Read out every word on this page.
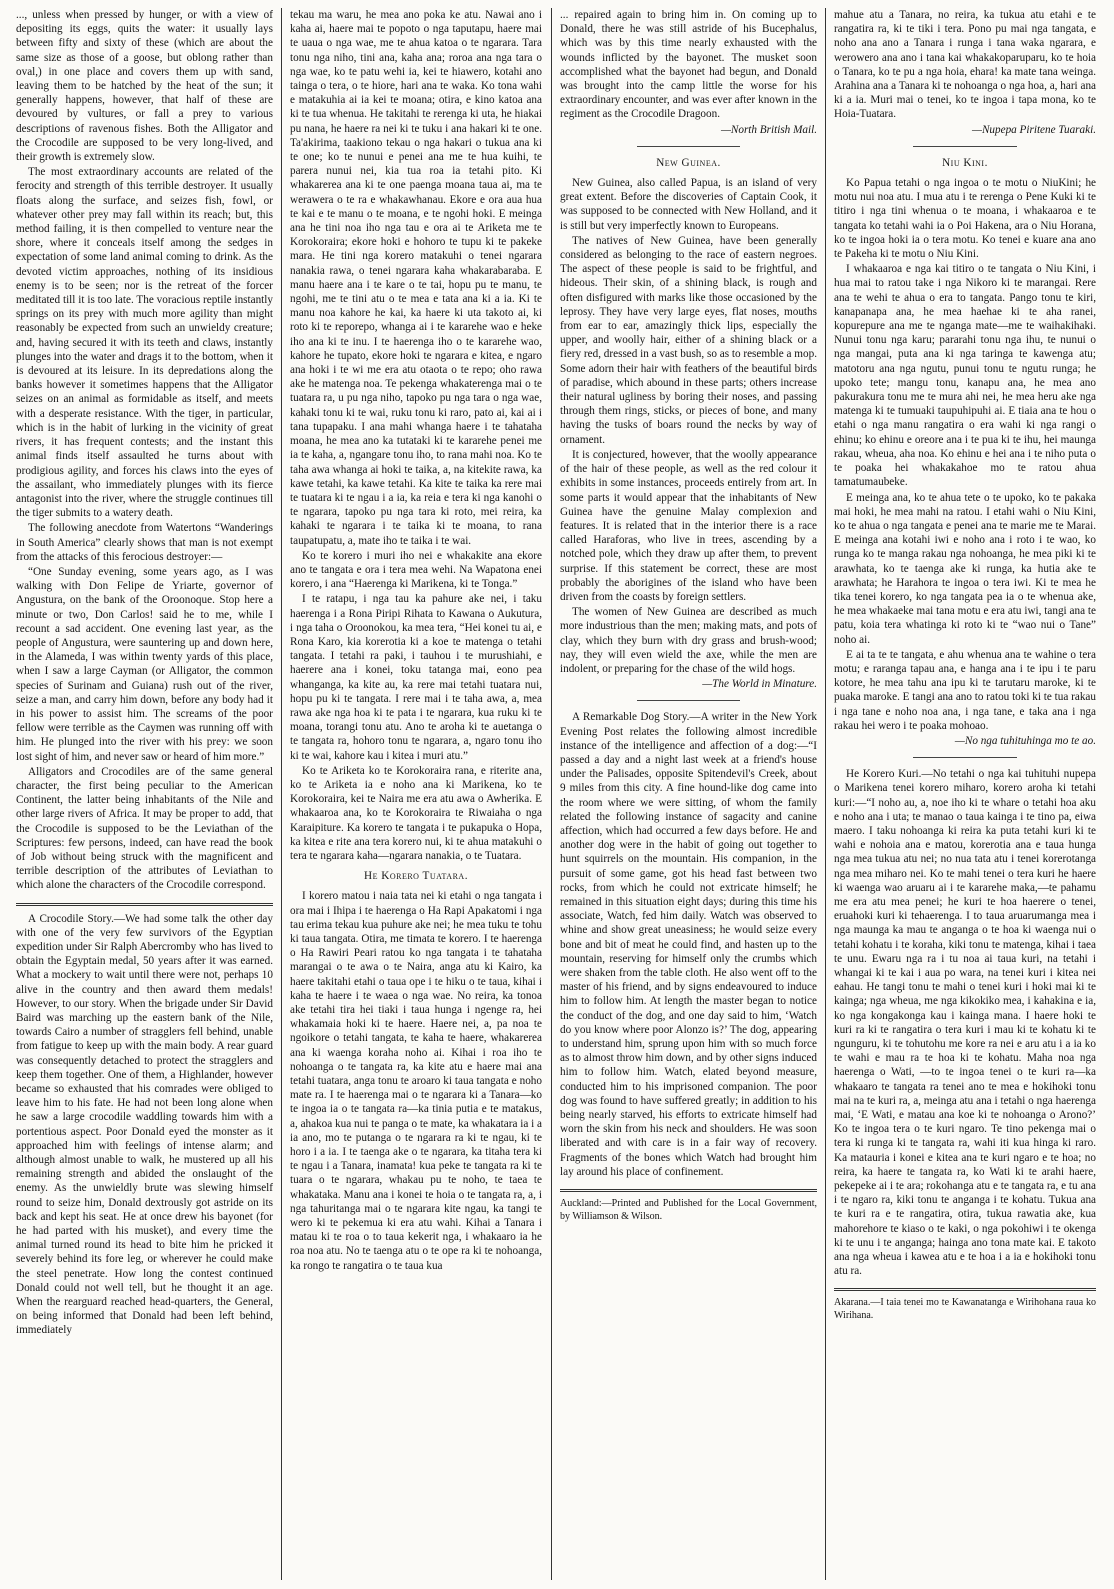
..., unless when pressed by hunger, or with a view of depositing its eggs, quits the water: it usually lays between fifty and sixty of these (which are about the same size as those of a goose, but oblong rather than oval,) in one place and covers them up with sand, leaving them to be hatched by the heat of the sun; it generally happens, however, that half of these are devoured by vultures, or fall a prey to various descriptions of ravenous fishes. Both the Alligator and the Crocodile are supposed to be very long-lived, and their growth is extremely slow.

The most extraordinary accounts are related of the ferocity and strength of this terrible destroyer. It usually floats along the surface, and seizes fish, fowl, or whatever other prey may fall within its reach; but, this method failing, it is then compelled to venture near the shore, where it conceals itself among the sedges in expectation of some land animal coming to drink. As the devoted victim approaches, nothing of its insidious enemy is to be seen; nor is the retreat of the forcer meditated till it is too late. The voracious reptile instantly springs on its prey with much more agility than might reasonably be expected from such an unwieldy creature; and, having secured it with its teeth and claws, instantly plunges into the water and drags it to the bottom, when it is devoured at its leisure. In its depredations along the banks however it sometimes happens that the Alligator seizes on an animal as formidable as itself, and meets with a desperate resistance. With the tiger, in particular, which is in the habit of lurking in the vicinity of great rivers, it has frequent contests; and the instant this animal finds itself assaulted he turns about with prodigious agility, and forces his claws into the eyes of the assailant, who immediately plunges with its fierce antagonist into the river, where the struggle continues till the tiger submits to a watery death.

The following anecdote from Watertons “Wanderings in South America” clearly shows that man is not exempt from the attacks of this ferocious destroyer:—

“One Sunday evening, some years ago, as I was walking with Don Felipe de Yriarte, governor of Angustura, on the bank of the Oroonoque. Stop here a minute or two, Don Carlos! said he to me, while I recount a sad accident. One evening last year, as the people of Angustura, were sauntering up and down here, in the Alameda, I was within twenty yards of this place, when I saw a large Cayman (or Alligator, the common species of Surinam and Guiana) rush out of the river, seize a man, and carry him down, before any body had it in his power to assist him. The screams of the poor fellow were terrible as the Caymen was running off with him. He plunged into the river with his prey: we soon lost sight of him, and never saw or heard of him more.”

Alligators and Crocodiles are of the same general character, the first being peculiar to the American Continent, the latter being inhabitants of the Nile and other large rivers of Africa. It may be proper to add, that the Crocodile is supposed to be the Leviathan of the Scriptures: few persons, indeed, can have read the book of Job without being struck with the magnificent and terrible description of the attributes of Leviathan to which alone the characters of the Crocodile correspond.

A Crocodile Story.—We had some talk the other day with one of the very few survivors of the Egyptian expedition under Sir Ralph Abercromby who has lived to obtain the Egyptain medal, 50 years after it was earned. What a mockery to wait until there were not, perhaps 10 alive in the country and then award them medals! However, to our story. When the brigade under Sir David Baird was marching up the eastern bank of the Nile, towards Cairo a number of stragglers fell behind, unable from fatigue to keep up with the main body. A rear guard was consequently detached to protect the stragglers and keep them together. One of them, a Highlander, however became so exhausted that his comrades were obliged to leave him to his fate. He had not been long alone when he saw a large crocodile waddling towards him with a portentious aspect. Poor Donald eyed the monster as it approached him with feelings of intense alarm; and although almost unable to walk, he mustered up all his remaining strength and abided the onslaught of the enemy. As the unwieldly brute was slewing himself round to seize him, Donald dextrously got astride on its back and kept his seat. He at once drew his bayonet (for he had parted with his musket), and every time the animal turned round its head to bite him he pricked it severely behind its fore leg, or wherever he could make the steel penetrate. How long the contest continued Donald could not well tell, but he thought it an age. When the rearguard reached head-quarters, the General, on being informed that Donald had been left behind, immediately

tekau ma waru, he mea ano poka ke atu. Nawai ano i kaha ai, haere mai te popoto o nga taputapu, haere mai te uaua o nga wae, me te ahua katoa o te ngarara. Tara tonu nga niho, tini ana, kaha ana; roroa ana nga tara o nga wae, ko te patu wehi ia, kei te hiawero, kotahi ano tainga o tera, o te hiore, hari ana te waka. Ko tona wahi e matakuhia ai ia kei te moana; otira, e kino katoa ana ki te tua whenua. He takitahi te rerenga ki uta, he hiakai pu nana, he haere ra nei ki te tuku i ana hakari ki te one. Ta'akirima, taakiono tekau o nga hakari o tukua ana ki te one; ko te nunui e penei ana me te hua kuihi, te parera nunui nei, kia tua roa ia tetahi pito. Ki whakarerea ana ki te one paenga moana taua ai, ma te werawera o te ra e whakawhanau. Ekore e ora aua hua te kai e te manu o te moana, e te ngohi hoki. E meinga ana he tini noa iho nga tau e ora ai te Ariketa me te Korokoraira; ekore hoki e hohoro te tupu ki te pakeke mara. He tini nga korero matakuhi o tenei ngarara nanakia rawa, o tenei ngarara kaha whakarabaraba. E manu haere ana i te kare o te tai, hopu pu te manu, te ngohi, me te tini atu o te mea e tata ana ki a ia. Ki te manu noa kahore he kai, ka haere ki uta takoto ai, ki roto ki te reporepo, whanga ai i te kararehe wao e heke iho ana ki te inu. I te haerenga iho o te kararehe wao, kahore he tupato, ekore hoki te ngarara e kitea, e ngaro ana hoki i te wi me era atu otaota o te repo; oho rawa ake he matenga noa. Te pekenga whakaterenga mai o te tuatara ra, u pu nga niho, tapoko pu nga tara o nga wae, kahaki tonu ki te wai, ruku tonu ki raro, pato ai, kai ai i tana tupapaku. I ana mahi whanga haere i te tahataha moana, he mea ano ka tutataki ki te kararehe penei me ia te kaha, a, ngangare tonu iho, to rana mahi noa. Ko te taha awa whanga ai hoki te taika, a, na kitekite rawa, ka kawe tetahi, ka kawe tetahi. Ka kite te taika ka rere mai te tuatara ki te ngau i a ia, ka reia e tera ki nga kanohi o te ngarara, tapoko pu nga tara ki roto, mei reira, ka kahaki te ngarara i te taika ki te moana, to rana taupatupatu, a, mate iho te taika i te wai.

Ko te korero i muri iho nei e whakakite ana ekore ano te tangata e ora i tera mea wehi. Na Wapatona enei korero, i ana “Haerenga ki Marikena, ki te Tonga.”

I te ratapu, i nga tau ka pahure ake nei, i taku haerenga i a Rona Piripi Rihata to Kawana o Aukutura, i nga taha o Oroonokou, ka mea tera, “Hei konei tu ai, e Rona Karo, kia korerotia ki a koe te matenga o tetahi tangata. I tetahi ra paki, i tauhou i te murushiahi, e haerere ana i konei, toku tatanga mai, eono pea whanganga, ka kite au, ka rere mai tetahi tuatara nui, hopu pu ki te tangata. I rere mai i te taha awa, a, mea rawa ake nga hoa ki te pata i te ngarara, kua ruku ki te moana, torangi tonu atu. Ano te aroha ki te auetanga o te tangata ra, hohoro tonu te ngarara, a, ngaro tonu iho ki te wai, kahore kau i kitea i muri atu.”

Ko te Ariketa ko te Korokoraira rana, e riterite ana, ko te Ariketa ia e noho ana ki Marikena, ko te Korokoraira, kei te Naira me era atu awa o Awherika. E whakaaroa ana, ko te Korokoraira te Riwaiaha o nga Karaipiture. Ka korero te tangata i te pukapuka o Hopa, ka kitea e rite ana tera korero nui, ki te ahua matakuhi o tera te ngarara kaha—ngarara nanakia, o te Tuatara.

He Korero Tuatara.

I korero matou i naia tata nei ki etahi o nga tangata i ora mai i Ihipa i te haerenga o Ha Rapi Apakatomi i nga tau erima tekau kua puhure ake nei; he mea tuku te tohu ki taua tangata. Otira, me timata te korero. I te haerenga o Ha Rawiri Peari ratou ko nga tangata i te tahataha marangai o te awa o te Naira, anga atu ki Kairo, ka haere takitahi etahi o taua ope i te hiku o te taua, kihai i kaha te haere i te waea o nga wae. No reira, ka tonoa ake tetahi tira hei tiaki i taua hunga i ngenge ra, hei whakamaia hoki ki te haere. Haere nei, a, pa noa te ngoikore o tetahi tangata, te kaha te haere, whakarerea ana ki waenga koraha noho ai. Kihai i roa iho te nohoanga o te tangata ra, ka kite atu e haere mai ana tetahi tuatara, anga tonu te aroaro ki taua tangata e noho mate ra. I te haerenga mai o te ngarara ki a Tanara—ko te ingoa ia o te tangata ra—ka tinia putia e te matakus, a, ahakoa kua nui te panga o te mate, ka whakatara ia i a ia ano, mo te putanga o te ngarara ra ki te ngau, ki te horo i a ia. I te taenga ake o te ngarara, ka titaha tera ki te ngau i a Tanara, inamata! kua peke te tangata ra ki te tuara o te ngarara, whakau pu te noho, te taea te whakataka. Manu ana i konei te hoia o te tangata ra, a, i nga tahuritanga mai o te ngarara kite ngau, ka tangi te wero ki te pekemua ki era atu wahi. Kihai a Tanara i matau ki te roa o to taua kekerit nga, i whakaaro ia he roa noa atu. No te taenga atu o te ope ra ki te nohoanga, ka rongo te rangatira o te taua kua

... repaired again to bring him in. On coming up to Donald, there he was still astride of his Bucephalus, which was by this time nearly exhausted with the wounds inflicted by the bayonet. The musket soon accomplished what the bayonet had begun, and Donald was brought into the camp little the worse for his extraordinary encounter, and was ever after known in the regiment as the Crocodile Dragoon.

—North British Mail.

New Guinea.

New Guinea, also called Papua, is an island of very great extent. Before the discoveries of Captain Cook, it was supposed to be connected with New Holland, and it is still but very imperfectly known to Europeans.

The natives of New Guinea, have been generally considered as belonging to the race of eastern negroes. The aspect of these people is said to be frightful, and hideous. Their skin, of a shining black, is rough and often disfigured with marks like those occasioned by the leprosy. They have very large eyes, flat noses, mouths from ear to ear, amazingly thick lips, especially the upper, and woolly hair, either of a shining black or a fiery red, dressed in a vast bush, so as to resemble a mop. Some adorn their hair with feathers of the beautiful birds of paradise, which abound in these parts; others increase their natural ugliness by boring their noses, and passing through them rings, sticks, or pieces of bone, and many having the tusks of boars round the necks by way of ornament.

It is conjectured, however, that the woolly appearance of the hair of these people, as well as the red colour it exhibits in some instances, proceeds entirely from art. In some parts it would appear that the inhabitants of New Guinea have the genuine Malay complexion and features. It is related that in the interior there is a race called Haraforas, who live in trees, ascending by a notched pole, which they draw up after them, to prevent surprise. If this statement be correct, these are most probably the aborigines of the island who have been driven from the coasts by foreign settlers.

The women of New Guinea are described as much more industrious than the men; making mats, and pots of clay, which they burn with dry grass and brush-wood; nay, they will even wield the axe, while the men are indolent, or preparing for the chase of the wild hogs.

—The World in Minature.

A Remarkable Dog Story.—A writer in the New York Evening Post relates the following almost incredible instance of the intelligence and affection of a dog:—“I passed a day and a night last week at a friend's house under the Palisades, opposite Spitendevil's Creek, about 9 miles from this city. A fine hound-like dog came into the room where we were sitting, of whom the family related the following instance of sagacity and canine affection, which had occurred a few days before. He and another dog were in the habit of going out together to hunt squirrels on the mountain. His companion, in the pursuit of some game, got his head fast between two rocks, from which he could not extricate himself; he remained in this situation eight days; during this time his associate, Watch, fed him daily. Watch was observed to whine and show great uneasiness; he would seize every bone and bit of meat he could find, and hasten up to the mountain, reserving for himself only the crumbs which were shaken from the table cloth. He also went off to the master of his friend, and by signs endeavoured to induce him to follow him. At length the master began to notice the conduct of the dog, and one day said to him, ‘Watch do you know where poor Alonzo is?’ The dog, appearing to understand him, sprung upon him with so much force as to almost throw him down, and by other signs induced him to follow him. Watch, elated beyond measure, conducted him to his imprisoned companion. The poor dog was found to have suffered greatly; in addition to his being nearly starved, his efforts to extricate himself had worn the skin from his neck and shoulders. He was soon liberated and with care is in a fair way of recovery. Fragments of the bones which Watch had brought him lay around his place of confinement.

Auckland:—Printed and Published for the Local Government, by Williamson & Wilson.

mahue atu a Tanara, no reira, ka tukua atu etahi e te rangatira ra, ki te tiki i tera. Pono pu mai nga tangata, e noho ana ano a Tanara i runga i tana waka ngarara, e werowero ana ano i tana kai whakakoparuparu, ko te hoia o Tanara, ko te pu a nga hoia, ehara! ka mate tana weinga. Arahina ana a Tanara ki te nohoanga o nga hoa, a, hari ana ki a ia. Muri mai o tenei, ko te ingoa i tapa mona, ko te Hoia-Tuatara.

—Nupepa Piritene Tuaraki.

Niu Kini.

Ko Papua tetahi o nga ingoa o te motu o NiuKini; he motu nui noa atu. I mua atu i te rerenga o Pene Kuki ki te titiro i nga tini whenua o te moana, i whakaaroa e te tangata ko tetahi wahi ia o Poi Hakena, ara o Niu Horana, ko te ingoa hoki ia o tera motu. Ko tenei e kuare ana ano te Pakeha ki te motu o Niu Kini.

I whakaaroa e nga kai titiro o te tangata o Niu Kini, i hua mai to ratou take i nga Nikoro ki te marangai. Rere ana te wehi te ahua o era to tangata. Pango tonu te kiri, kanapanapa ana, he mea haehae ki te aha ranei, kopurepure ana me te nganga mate—me te waihakihaki. Nunui tonu nga karu; pararahi tonu nga ihu, te nunui o nga mangai, puta ana ki nga taringa te kawenga atu; matotoru ana nga ngutu, punui tonu te ngutu runga; he upoko tete; mangu tonu, kanapu ana, he mea ano pakurakura tonu me te mura ahi nei, he mea heru ake nga matenga ki te tumuaki taupuhipuhi ai. E tiaia ana te hou o etahi o nga manu rangatira o era wahi ki nga rangi o ehinu; ko ehinu e oreore ana i te pua ki te ihu, hei maunga rakau, wheua, aha noa. Ko ehinu e hei ana i te niho puta o te poaka hei whakakahoe mo te ratou ahua tamatumaubeke.

E meinga ana, ko te ahua tete o te upoko, ko te pakaka mai hoki, he mea mahi na ratou. I etahi wahi o Niu Kini, ko te ahua o nga tangata e penei ana te marie me te Marai. E meinga ana kotahi iwi e noho ana i roto i te wao, ko runga ko te manga rakau nga nohoanga, he mea piki ki te arawhata, ko te taenga ake ki runga, ka hutia ake te arawhata; he Harahora te ingoa o tera iwi. Ki te mea he tika tenei korero, ko nga tangata pea ia o te whenua ake, he mea whakaeke mai tana motu e era atu iwi, tangi ana te patu, koia tera whatinga ki roto ki te “wao nui o Tane” noho ai.

E ai ta te te tangata, e ahu whenua ana te wahine o tera motu; e raranga tapau ana, e hanga ana i te ipu i te paru kotore, he mea tahu ana ipu ki te tarutaru maroke, ki te puaka maroke. E tangi ana ano to ratou toki ki te tua rakau i nga tane e noho noa ana, i nga tane, e taka ana i nga rakau hei wero i te poaka mohoao.

—No nga tuhituhinga mo te ao.

He Korero Kuri.—No tetahi o nga kai tuhituhi nupepa o Marikena tenei korero miharo, korero aroha ki tetahi kuri:—“I noho au, a, noe iho ki te whare o tetahi hoa aku e noho ana i uta; te manao o taua kainga i te tino pa, eiwa maero. I taku nohoanga ki reira ka puta tetahi kuri ki te wahi e nohoia ana e matou, korerotia ana e taua hunga nga mea tukua atu nei; no nua tata atu i tenei korerotanga nga mea miharo nei. Ko te mahi tenei o tera kuri he haere ki waenga wao aruaru ai i te kararehe maka,—te pahamu me era atu mea penei; he kuri te hoa haerere o tenei, eruahoki kuri ki tehaerenga. I to taua aruarumanga mea i nga maunga ka mau te anganga o te hoa ki waenga nui o tetahi kohatu i te koraha, kiki tonu te matenga, kihai i taea te unu. Ewaru nga ra i tu noa ai taua kuri, na tetahi i whangai ki te kai i aua po wara, na tenei kuri i kitea nei eahau. He tangi tonu te mahi o tenei kuri i hoki mai ki te kainga; nga wheua, me nga kikokiko mea, i kahakina e ia, ko nga kongakonga kau i kainga mana. I haere hoki te kuri ra ki te rangatira o tera kuri i mau ki te kohatu ki te ngunguru, ki te tohutohu me kore ra nei e aru atu i a ia ko te wahi e mau ra te hoa ki te kohatu. Maha noa nga haerenga o Wati, —to te ingoa tenei o te kuri ra—ka whakaaro te tangata ra tenei ano te mea e hokihoki tonu mai na te kuri ra, a, meinga atu ana i tetahi o nga haerenga mai, ‘E Wati, e matau ana koe ki te nohoanga o Arono?’ Ko te ingoa tera o te kuri ngaro. Te tino pekenga mai o tera ki runga ki te tangata ra, wahi iti kua hinga ki raro. Ka matauria i konei e kitea ana te kuri ngaro e te hoa; no reira, ka haere te tangata ra, ko Wati ki te arahi haere, pekepeke ai i te ara; rokohanga atu e te tangata ra, e tu ana i te ngaro ra, kiki tonu te anganga i te kohatu. Tukua ana te kuri ra e te rangatira, otira, tukua rawatia ake, kua mahorehore te kiaso o te kaki, o nga pokohiwi i te okenga ki te unu i te anganga; hainga ano tona mate kai. E takoto ana nga wheua i kawea atu e te hoa i a ia e hokihoki tonu atu ra.

Akarana.—I taia tenei mo te Kawanatanga e Wirihohana raua ko Wirihana.
